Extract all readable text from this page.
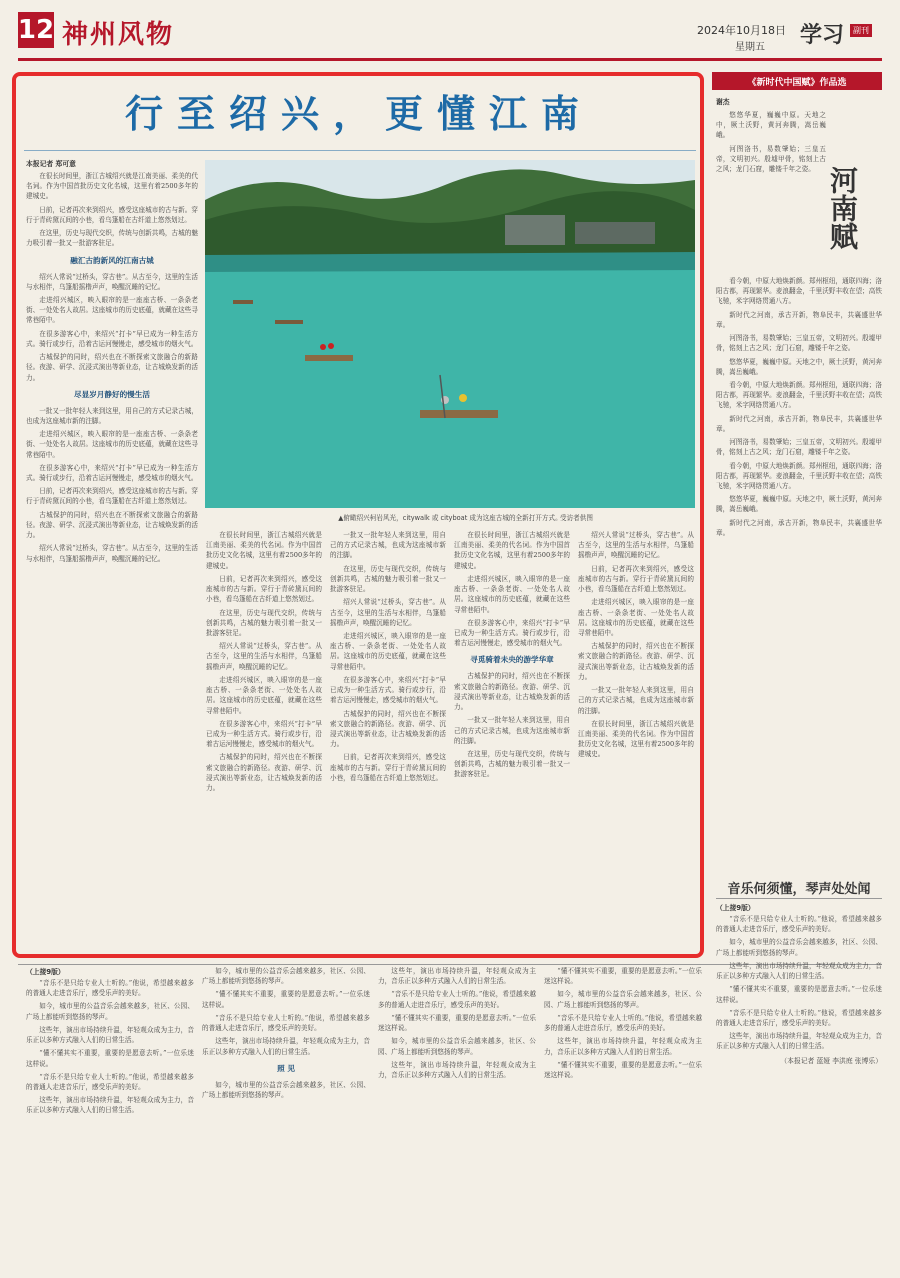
12 神州风物	2024年10月18日
星期五 学习	副刊
行至绍兴，更懂江南

本报记者 郑可意

在很长时间里，浙江古城绍兴就是江南美丽、柔美的代名词。作为中国首批历史文化名城，这里有着2500多年的建城史。

日前，记者再次来到绍兴，感受这座城市的古与新。穿行于青砖黛瓦间的小巷，看乌篷船在古纤道上悠然划过。

在这里，历史与现代交织，传统与创新共鸣，古城的魅力吸引着一批又一批游客驻足。

融汇古韵新风的江南古城

绍兴人常说“过桥头，穿古巷”。从古至今，这里的生活与水相伴，乌篷船摇橹声声，唤醒沉睡的记忆。

走进绍兴城区，映入眼帘的是一座座古桥、一条条老街、一处处名人故居。这座城市的历史底蕴，就藏在这些寻常巷陌中。

在很多游客心中，来绍兴“打卡”早已成为一种生活方式。骑行或步行，沿着古运河慢慢走，感受城市的烟火气。

古城保护的同时，绍兴也在不断探索文旅融合的新路径。夜游、研学、沉浸式演出等新业态，让古城焕发新的活力。

尽显岁月静好的慢生活

一批又一批年轻人来到这里，用自己的方式记录古城，也成为这座城市新的注脚。

走进绍兴城区，映入眼帘的是一座座古桥、一条条老街、一处处名人故居。这座城市的历史底蕴，就藏在这些寻常巷陌中。

在很多游客心中，来绍兴“打卡”早已成为一种生活方式。骑行或步行，沿着古运河慢慢走，感受城市的烟火气。

日前，记者再次来到绍兴，感受这座城市的古与新。穿行于青砖黛瓦间的小巷，看乌篷船在古纤道上悠然划过。

古城保护的同时，绍兴也在不断探索文旅融合的新路径。夜游、研学、沉浸式演出等新业态，让古城焕发新的活力。

绍兴人常说“过桥头，穿古巷”。从古至今，这里的生活与水相伴，乌篷船摇橹声声，唤醒沉睡的记忆。

▲俯瞰绍兴柯岩风光，citywalk 或 cityboat 成为这座古城的全新打开方式。
受访者供图

在很长时间里，浙江古城绍兴就是江南美丽、柔美的代名词。作为中国首批历史文化名城，这里有着2500多年的建城史。

日前，记者再次来到绍兴，感受这座城市的古与新。穿行于青砖黛瓦间的小巷，看乌篷船在古纤道上悠然划过。

在这里，历史与现代交织，传统与创新共鸣，古城的魅力吸引着一批又一批游客驻足。

绍兴人常说“过桥头，穿古巷”。从古至今，这里的生活与水相伴，乌篷船摇橹声声，唤醒沉睡的记忆。

走进绍兴城区，映入眼帘的是一座座古桥、一条条老街、一处处名人故居。这座城市的历史底蕴，就藏在这些寻常巷陌中。

在很多游客心中，来绍兴“打卡”早已成为一种生活方式。骑行或步行，沿着古运河慢慢走，感受城市的烟火气。

古城保护的同时，绍兴也在不断探索文旅融合的新路径。夜游、研学、沉浸式演出等新业态，让古城焕发新的活力。

一批又一批年轻人来到这里，用自己的方式记录古城，也成为这座城市新的注脚。

在这里，历史与现代交织，传统与创新共鸣，古城的魅力吸引着一批又一批游客驻足。

绍兴人常说“过桥头，穿古巷”。从古至今，这里的生活与水相伴，乌篷船摇橹声声，唤醒沉睡的记忆。

走进绍兴城区，映入眼帘的是一座座古桥、一条条老街、一处处名人故居。这座城市的历史底蕴，就藏在这些寻常巷陌中。

在很多游客心中，来绍兴“打卡”早已成为一种生活方式。骑行或步行，沿着古运河慢慢走，感受城市的烟火气。

古城保护的同时，绍兴也在不断探索文旅融合的新路径。夜游、研学、沉浸式演出等新业态，让古城焕发新的活力。

日前，记者再次来到绍兴，感受这座城市的古与新。穿行于青砖黛瓦间的小巷，看乌篷船在古纤道上悠然划过。

在很长时间里，浙江古城绍兴就是江南美丽、柔美的代名词。作为中国首批历史文化名城，这里有着2500多年的建城史。

走进绍兴城区，映入眼帘的是一座座古桥、一条条老街、一处处名人故居。这座城市的历史底蕴，就藏在这些寻常巷陌中。

在很多游客心中，来绍兴“打卡”早已成为一种生活方式。骑行或步行，沿着古运河慢慢走，感受城市的烟火气。

寻觅骑着未央的游学华章

古城保护的同时，绍兴也在不断探索文旅融合的新路径。夜游、研学、沉浸式演出等新业态，让古城焕发新的活力。

一批又一批年轻人来到这里，用自己的方式记录古城，也成为这座城市新的注脚。

在这里，历史与现代交织，传统与创新共鸣，古城的魅力吸引着一批又一批游客驻足。

绍兴人常说“过桥头，穿古巷”。从古至今，这里的生活与水相伴，乌篷船摇橹声声，唤醒沉睡的记忆。

日前，记者再次来到绍兴，感受这座城市的古与新。穿行于青砖黛瓦间的小巷，看乌篷船在古纤道上悠然划过。

走进绍兴城区，映入眼帘的是一座座古桥、一条条老街、一处处名人故居。这座城市的历史底蕴，就藏在这些寻常巷陌中。

古城保护的同时，绍兴也在不断探索文旅融合的新路径。夜游、研学、沉浸式演出等新业态，让古城焕发新的活力。

一批又一批年轻人来到这里，用自己的方式记录古城，也成为这座城市新的注脚。

在很长时间里，浙江古城绍兴就是江南美丽、柔美的代名词。作为中国首批历史文化名城，这里有着2500多年的建城史。

《新时代中国赋》作品选
谢杰
河南赋

悠悠华夏，巍巍中原。天地之中，厥土沃野，黄河奔腾，嵩岳巍峨。

河图洛书，易数肇始；三皇五帝，文明初兴。殷墟甲骨，铭刻上古之风；龙门石窟，雕镂千年之姿。

看今朝，中原大地焕新颜。郑州枢纽，通联四海；洛阳古都，再现繁华。麦浪翻金，千里沃野丰收在望；高铁飞驰，米字网络贯通八方。

新时代之河南，承古开新，物阜民丰，共襄盛世华章。

河图洛书，易数肇始；三皇五帝，文明初兴。殷墟甲骨，铭刻上古之风；龙门石窟，雕镂千年之姿。

悠悠华夏，巍巍中原。天地之中，厥土沃野，黄河奔腾，嵩岳巍峨。

看今朝，中原大地焕新颜。郑州枢纽，通联四海；洛阳古都，再现繁华。麦浪翻金，千里沃野丰收在望；高铁飞驰，米字网络贯通八方。

新时代之河南，承古开新，物阜民丰，共襄盛世华章。

河图洛书，易数肇始；三皇五帝，文明初兴。殷墟甲骨，铭刻上古之风；龙门石窟，雕镂千年之姿。

看今朝，中原大地焕新颜。郑州枢纽，通联四海；洛阳古都，再现繁华。麦浪翻金，千里沃野丰收在望；高铁飞驰，米字网络贯通八方。

悠悠华夏，巍巍中原。天地之中，厥土沃野，黄河奔腾，嵩岳巍峨。

新时代之河南，承古开新，物阜民丰，共襄盛世华章。

（上接9版）

“音乐不是只给专业人士听的。”他说，希望越来越多的普通人走进音乐厅，感受乐声的美好。

如今，城市里的公益音乐会越来越多，社区、公园、广场上都能听到悠扬的琴声。

这些年，演出市场持续升温，年轻观众成为主力，音乐正以多种方式融入人们的日常生活。

“懂不懂其实不重要，重要的是愿意去听。”一位乐迷这样说。

“音乐不是只给专业人士听的。”他说，希望越来越多的普通人走进音乐厅，感受乐声的美好。

这些年，演出市场持续升温，年轻观众成为主力，音乐正以多种方式融入人们的日常生活。

如今，城市里的公益音乐会越来越多，社区、公园、广场上都能听到悠扬的琴声。

“懂不懂其实不重要，重要的是愿意去听。”一位乐迷这样说。

“音乐不是只给专业人士听的。”他说，希望越来越多的普通人走进音乐厅，感受乐声的美好。

这些年，演出市场持续升温，年轻观众成为主力，音乐正以多种方式融入人们的日常生活。

照 见

如今，城市里的公益音乐会越来越多，社区、公园、广场上都能听到悠扬的琴声。

这些年，演出市场持续升温，年轻观众成为主力，音乐正以多种方式融入人们的日常生活。

“音乐不是只给专业人士听的。”他说，希望越来越多的普通人走进音乐厅，感受乐声的美好。

“懂不懂其实不重要，重要的是愿意去听。”一位乐迷这样说。

如今，城市里的公益音乐会越来越多，社区、公园、广场上都能听到悠扬的琴声。

这些年，演出市场持续升温，年轻观众成为主力，音乐正以多种方式融入人们的日常生活。

“懂不懂其实不重要，重要的是愿意去听。”一位乐迷这样说。

如今，城市里的公益音乐会越来越多，社区、公园、广场上都能听到悠扬的琴声。

“音乐不是只给专业人士听的。”他说，希望越来越多的普通人走进音乐厅，感受乐声的美好。

这些年，演出市场持续升温，年轻观众成为主力，音乐正以多种方式融入人们的日常生活。

“懂不懂其实不重要，重要的是愿意去听。”一位乐迷这样说。

音乐何须懂，琴声处处闻

（上接9版）

“音乐不是只给专业人士听的。”他说，希望越来越多的普通人走进音乐厅，感受乐声的美好。

如今，城市里的公益音乐会越来越多，社区、公园、广场上都能听到悠扬的琴声。

这些年，演出市场持续升温，年轻观众成为主力，音乐正以多种方式融入人们的日常生活。

“懂不懂其实不重要，重要的是愿意去听。”一位乐迷这样说。

“音乐不是只给专业人士听的。”他说，希望越来越多的普通人走进音乐厅，感受乐声的美好。

这些年，演出市场持续升温，年轻观众成为主力，音乐正以多种方式融入人们的日常生活。

（本报记者 蓝娅 李洪庭 张博乐）
